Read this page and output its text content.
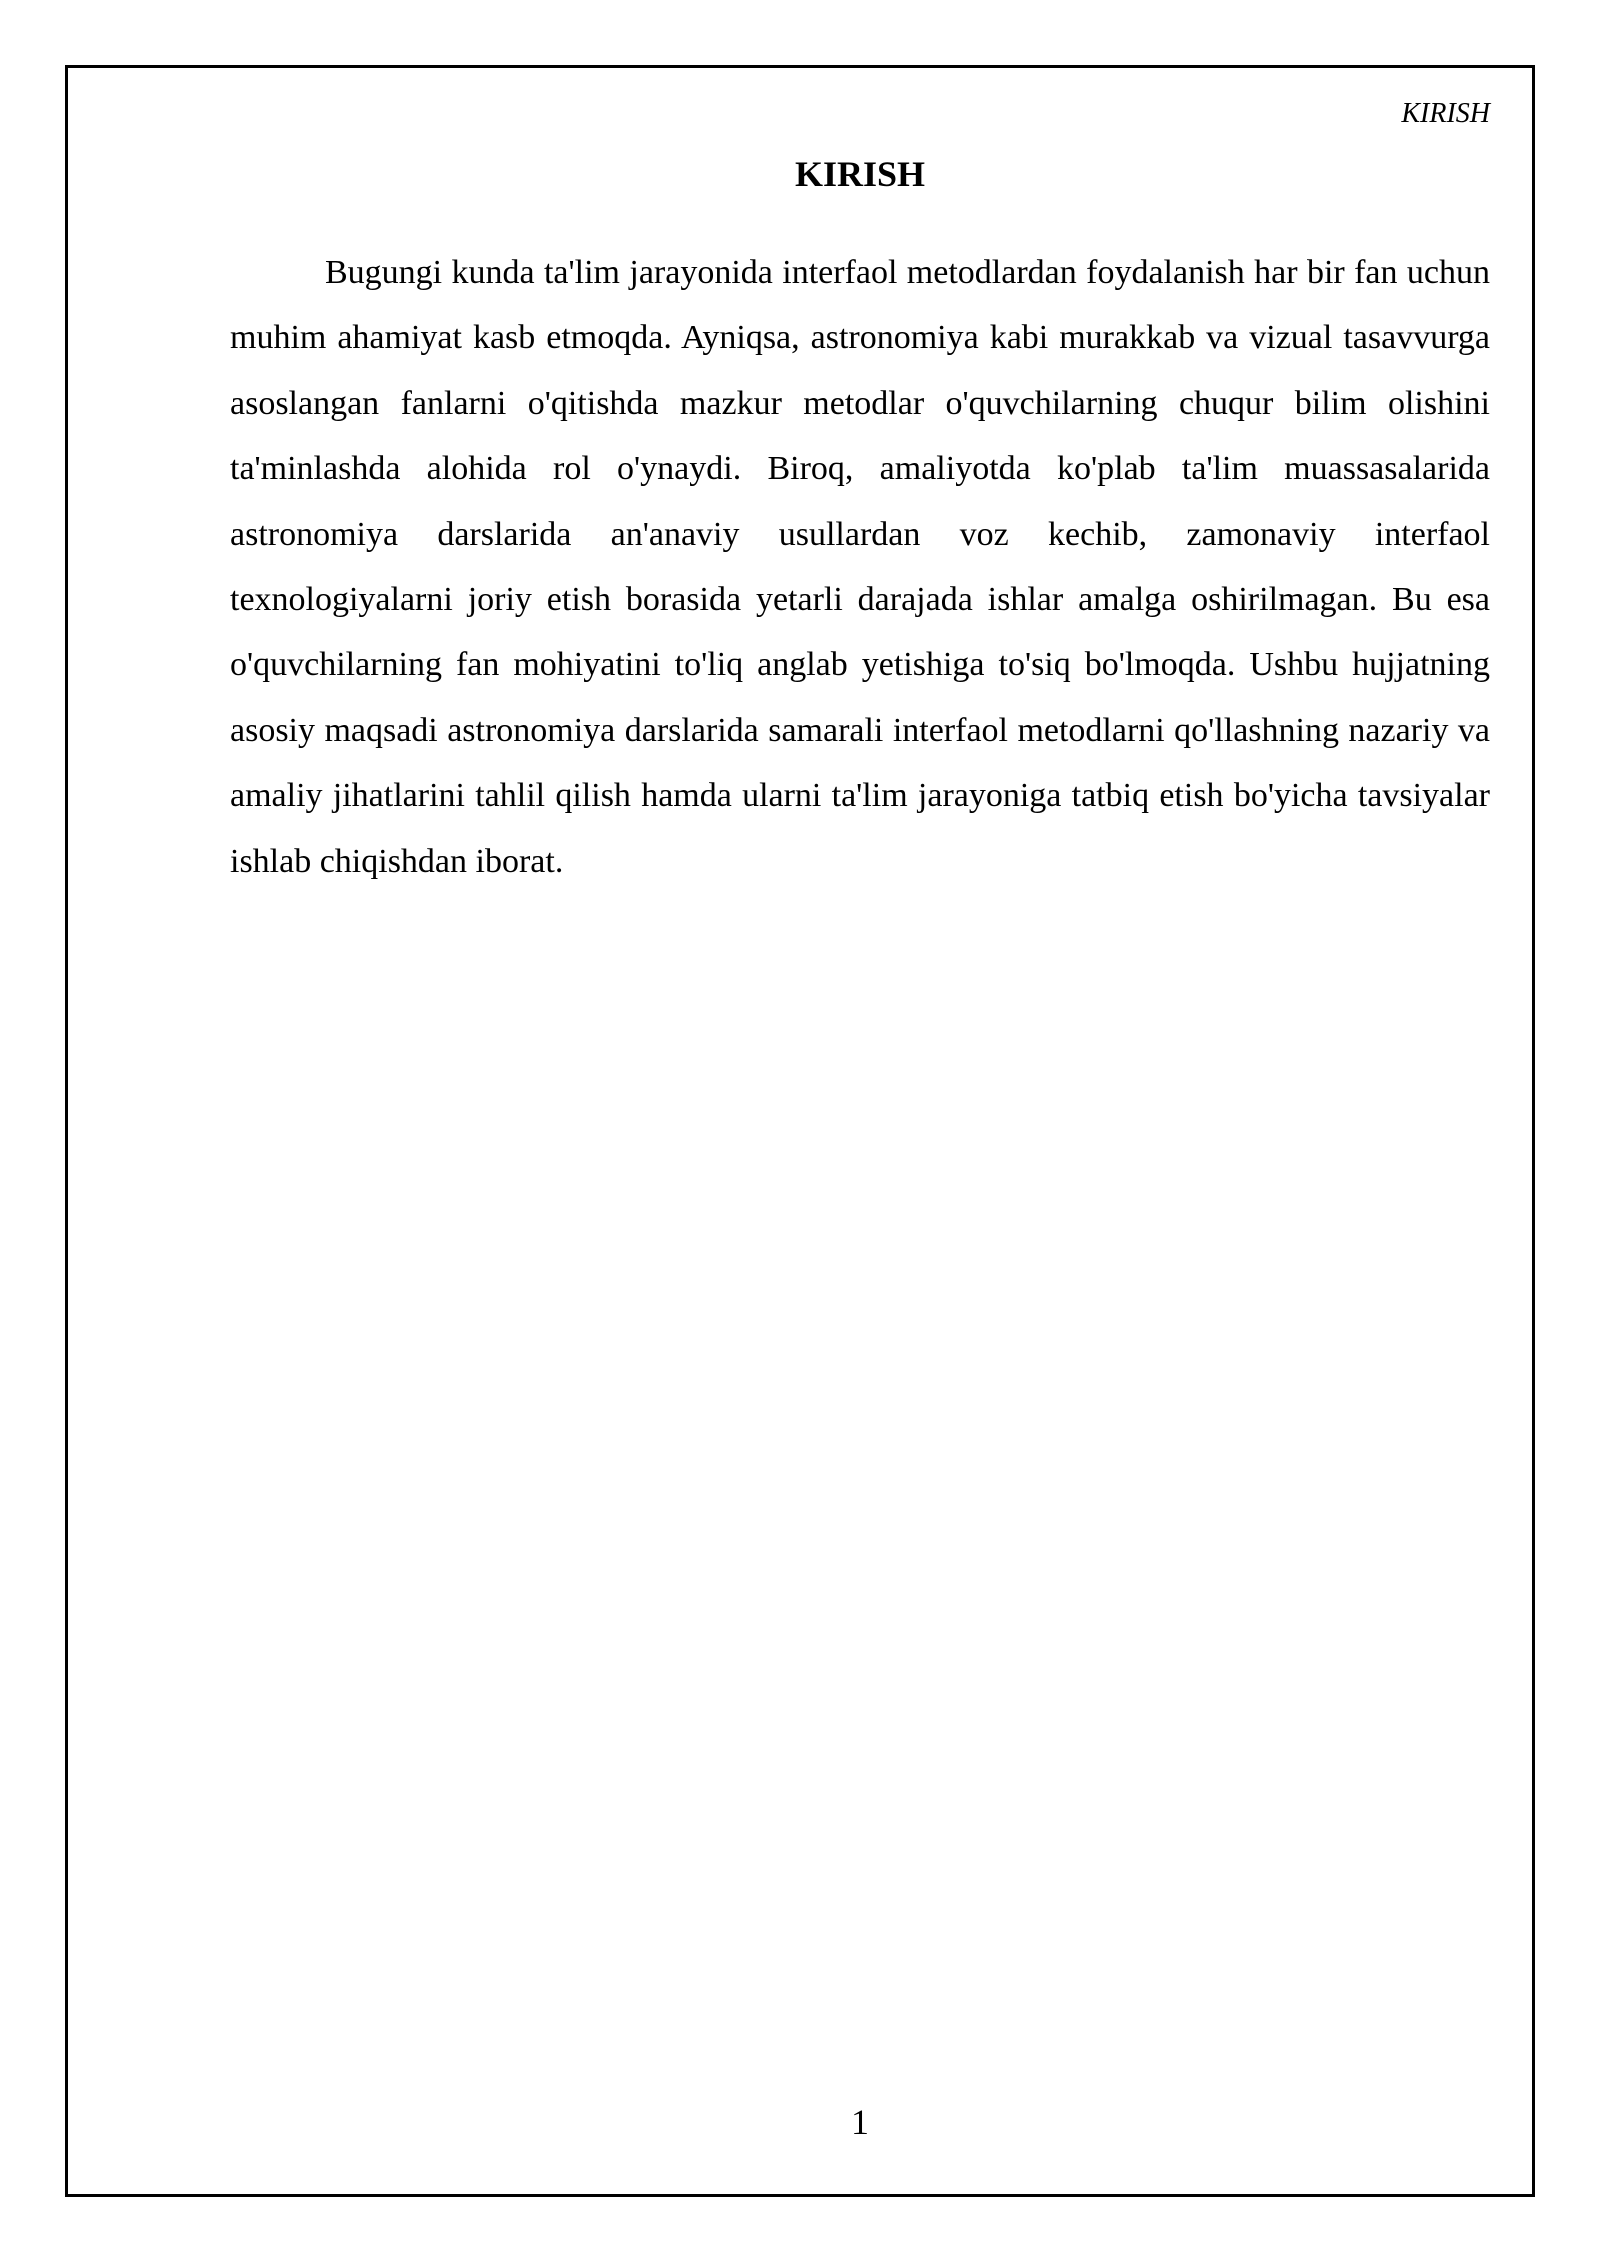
KIRISH
KIRISH

Bugungi kunda ta'lim jarayonida interfaol metodlardan foydalanish har bir fan uchun muhim ahamiyat kasb etmoqda. Ayniqsa, astronomiya kabi murakkab va vizual tasavvurga asoslangan fanlarni o'qitishda mazkur metodlar o'quvchilarning chuqur bilim olishini ta'minlashda alohida rol o'ynaydi. Biroq, amaliyotda ko'plab ta'lim muassasalarida astronomiya darslarida an'anaviy usullardan voz kechib, zamonaviy interfaol texnologiyalarni joriy etish borasida yetarli darajada ishlar amalga oshirilmagan. Bu esa o'quvchilarning fan mohiyatini to'liq anglab yetishiga to'siq bo'lmoqda. Ushbu hujjatning asosiy maqsadi astronomiya darslarida samarali interfaol metodlarni qo'llashning nazariy va amaliy jihatlarini tahlil qilish hamda ularni ta'lim jarayoniga tatbiq etish bo'yicha tavsiyalar ishlab chiqishdan iborat.

1
